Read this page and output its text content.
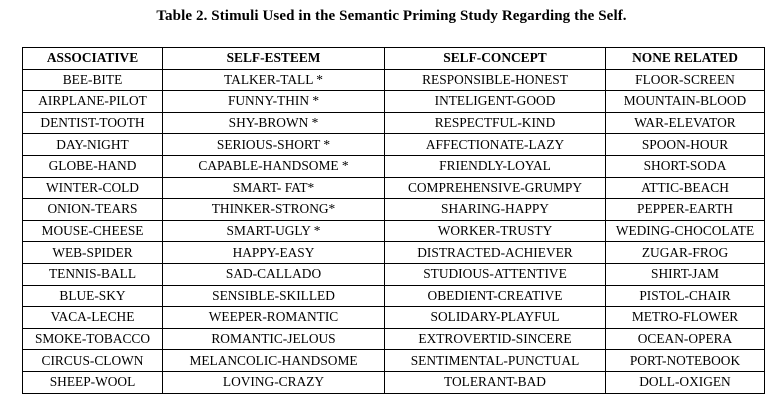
Table 2. Stimuli Used in the Semantic Priming Study Regarding the Self.
ASSOCIATIVE	SELF-ESTEEM	SELF-CONCEPT	NONE RELATED
BEE-BITE	TALKER-TALL *	RESPONSIBLE-HONEST	FLOOR-SCREEN
AIRPLANE-PILOT	FUNNY-THIN *	INTELIGENT-GOOD	MOUNTAIN-BLOOD
DENTIST-TOOTH	SHY-BROWN *	RESPECTFUL-KIND	WAR-ELEVATOR
DAY-NIGHT	SERIOUS-SHORT *	AFFECTIONATE-LAZY	SPOON-HOUR
GLOBE-HAND	CAPABLE-HANDSOME *	FRIENDLY-LOYAL	SHORT-SODA
WINTER-COLD	SMART- FAT*	COMPREHENSIVE-GRUMPY	ATTIC-BEACH
ONION-TEARS	THINKER-STRONG*	SHARING-HAPPY	PEPPER-EARTH
MOUSE-CHEESE	SMART-UGLY *	WORKER-TRUSTY	WEDING-CHOCOLATE
WEB-SPIDER	HAPPY-EASY	DISTRACTED-ACHIEVER	ZUGAR-FROG
TENNIS-BALL	SAD-CALLADO	STUDIOUS-ATTENTIVE	SHIRT-JAM
BLUE-SKY	SENSIBLE-SKILLED	OBEDIENT-CREATIVE	PISTOL-CHAIR
VACA-LECHE	WEEPER-ROMANTIC	SOLIDARY-PLAYFUL	METRO-FLOWER
SMOKE-TOBACCO	ROMANTIC-JELOUS	EXTROVERTID-SINCERE	OCEAN-OPERA
CIRCUS-CLOWN	MELANCOLIC-HANDSOME	SENTIMENTAL-PUNCTUAL	PORT-NOTEBOOK
SHEEP-WOOL	LOVING-CRAZY	TOLERANT-BAD	DOLL-OXIGEN
